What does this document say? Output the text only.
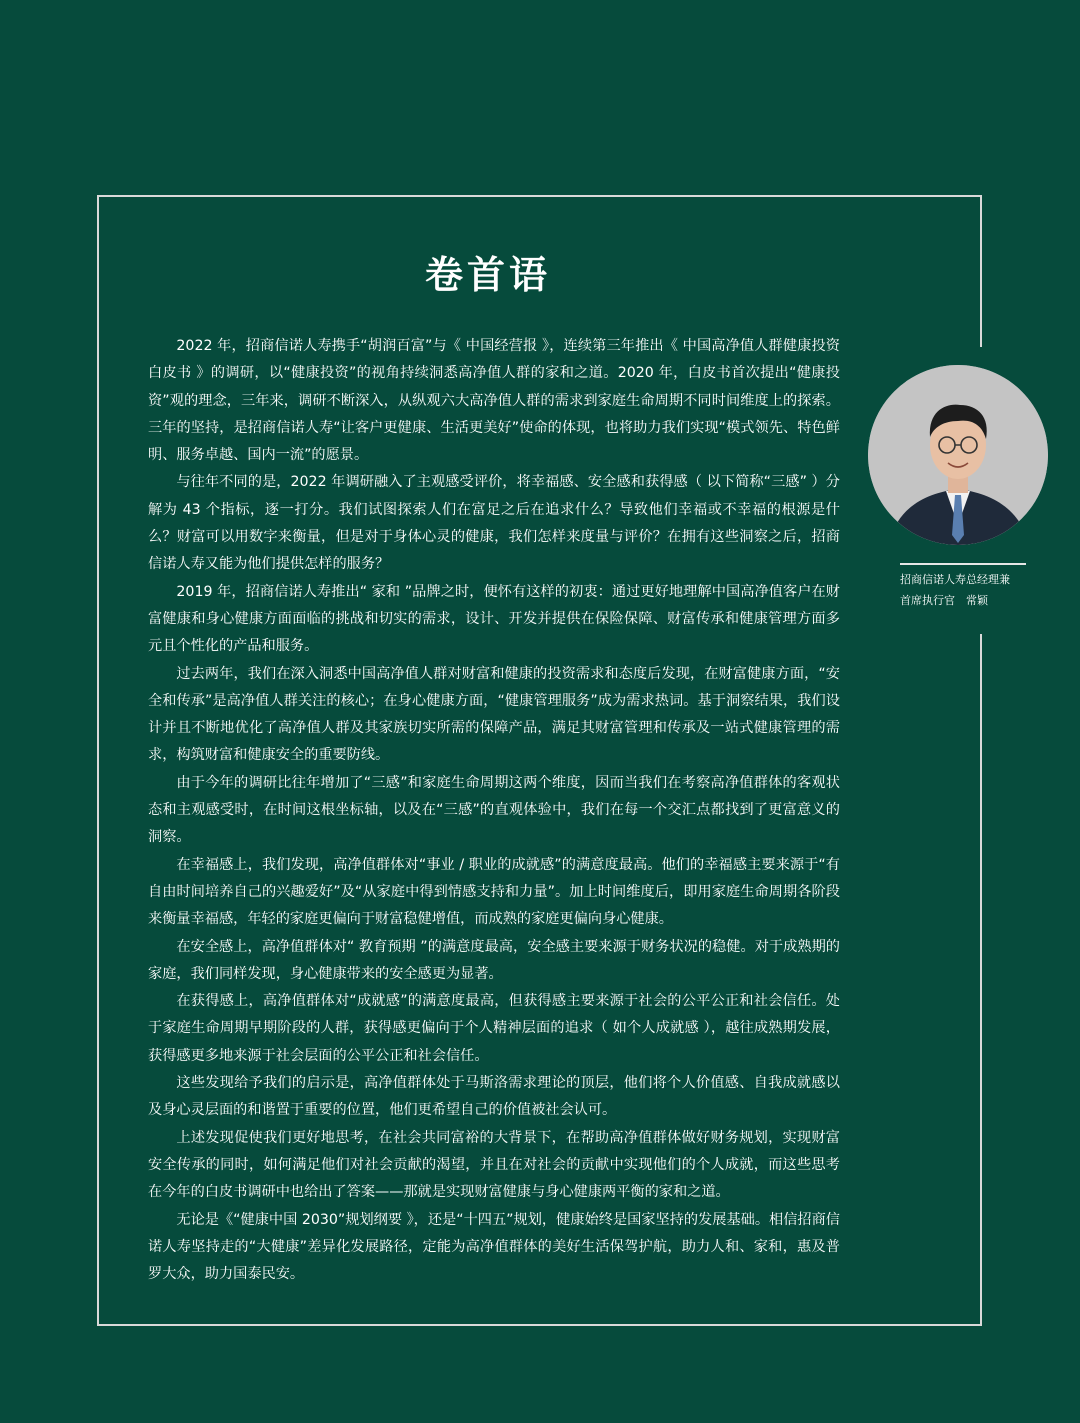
卷首语

2022 年，招商信诺人寿携手“胡润百富”与《 中国经营报 》，连续第三年推出《 中国高净值人群健康投资白皮书 》的调研，以“健康投资”的视角持续洞悉高净值人群的家和之道。2020 年，白皮书首次提出“健康投资”观的理念，三年来，调研不断深入，从纵观六大高净值人群的需求到家庭生命周期不同时间维度上的探索。三年的坚持，是招商信诺人寿“让客户更健康、生活更美好”使命的体现，也将助力我们实现“模式领先、特色鲜明、服务卓越、国内一流”的愿景。

与往年不同的是，2022 年调研融入了主观感受评价，将幸福感、安全感和获得感（ 以下简称“三感” ）分解为 43 个指标，逐一打分。我们试图探索人们在富足之后在追求什么？导致他们幸福或不幸福的根源是什么？财富可以用数字来衡量，但是对于身体心灵的健康，我们怎样来度量与评价？在拥有这些洞察之后，招商信诺人寿又能为他们提供怎样的服务？

2019 年，招商信诺人寿推出“ 家和 ”品牌之时，便怀有这样的初衷：通过更好地理解中国高净值客户在财富健康和身心健康方面面临的挑战和切实的需求，设计、开发并提供在保险保障、财富传承和健康管理方面多元且个性化的产品和服务。

过去两年，我们在深入洞悉中国高净值人群对财富和健康的投资需求和态度后发现，在财富健康方面，“安全和传承”是高净值人群关注的核心；在身心健康方面，“健康管理服务”成为需求热词。基于洞察结果，我们设计并且不断地优化了高净值人群及其家族切实所需的保障产品，满足其财富管理和传承及一站式健康管理的需求，构筑财富和健康安全的重要防线。

由于今年的调研比往年增加了“三感”和家庭生命周期这两个维度，因而当我们在考察高净值群体的客观状态和主观感受时，在时间这根坐标轴，以及在“三感”的直观体验中，我们在每一个交汇点都找到了更富意义的洞察。

在幸福感上，我们发现，高净值群体对“事业 / 职业的成就感”的满意度最高。他们的幸福感主要来源于“有自由时间培养自己的兴趣爱好”及“从家庭中得到情感支持和力量”。加上时间维度后，即用家庭生命周期各阶段来衡量幸福感，年轻的家庭更偏向于财富稳健增值，而成熟的家庭更偏向身心健康。

在安全感上，高净值群体对“ 教育预期 ”的满意度最高，安全感主要来源于财务状况的稳健。对于成熟期的家庭，我们同样发现，身心健康带来的安全感更为显著。

在获得感上，高净值群体对“成就感”的满意度最高，但获得感主要来源于社会的公平公正和社会信任。处于家庭生命周期早期阶段的人群，获得感更偏向于个人精神层面的追求（ 如个人成就感 ），越往成熟期发展，获得感更多地来源于社会层面的公平公正和社会信任。

这些发现给予我们的启示是，高净值群体处于马斯洛需求理论的顶层，他们将个人价值感、自我成就感以及身心灵层面的和谐置于重要的位置，他们更希望自己的价值被社会认可。

上述发现促使我们更好地思考，在社会共同富裕的大背景下，在帮助高净值群体做好财务规划，实现财富安全传承的同时，如何满足他们对社会贡献的渴望，并且在对社会的贡献中实现他们的个人成就，而这些思考在今年的白皮书调研中也给出了答案——那就是实现财富健康与身心健康两平衡的家和之道。

无论是《“健康中国 2030”规划纲要 》，还是“十四五”规划，健康始终是国家坚持的发展基础。相信招商信诺人寿坚持走的“大健康”差异化发展路径，定能为高净值群体的美好生活保驾护航，助力人和、家和，惠及普罗大众，助力国泰民安。

招商信诺人寿总经理兼
首席执行官　常颖
